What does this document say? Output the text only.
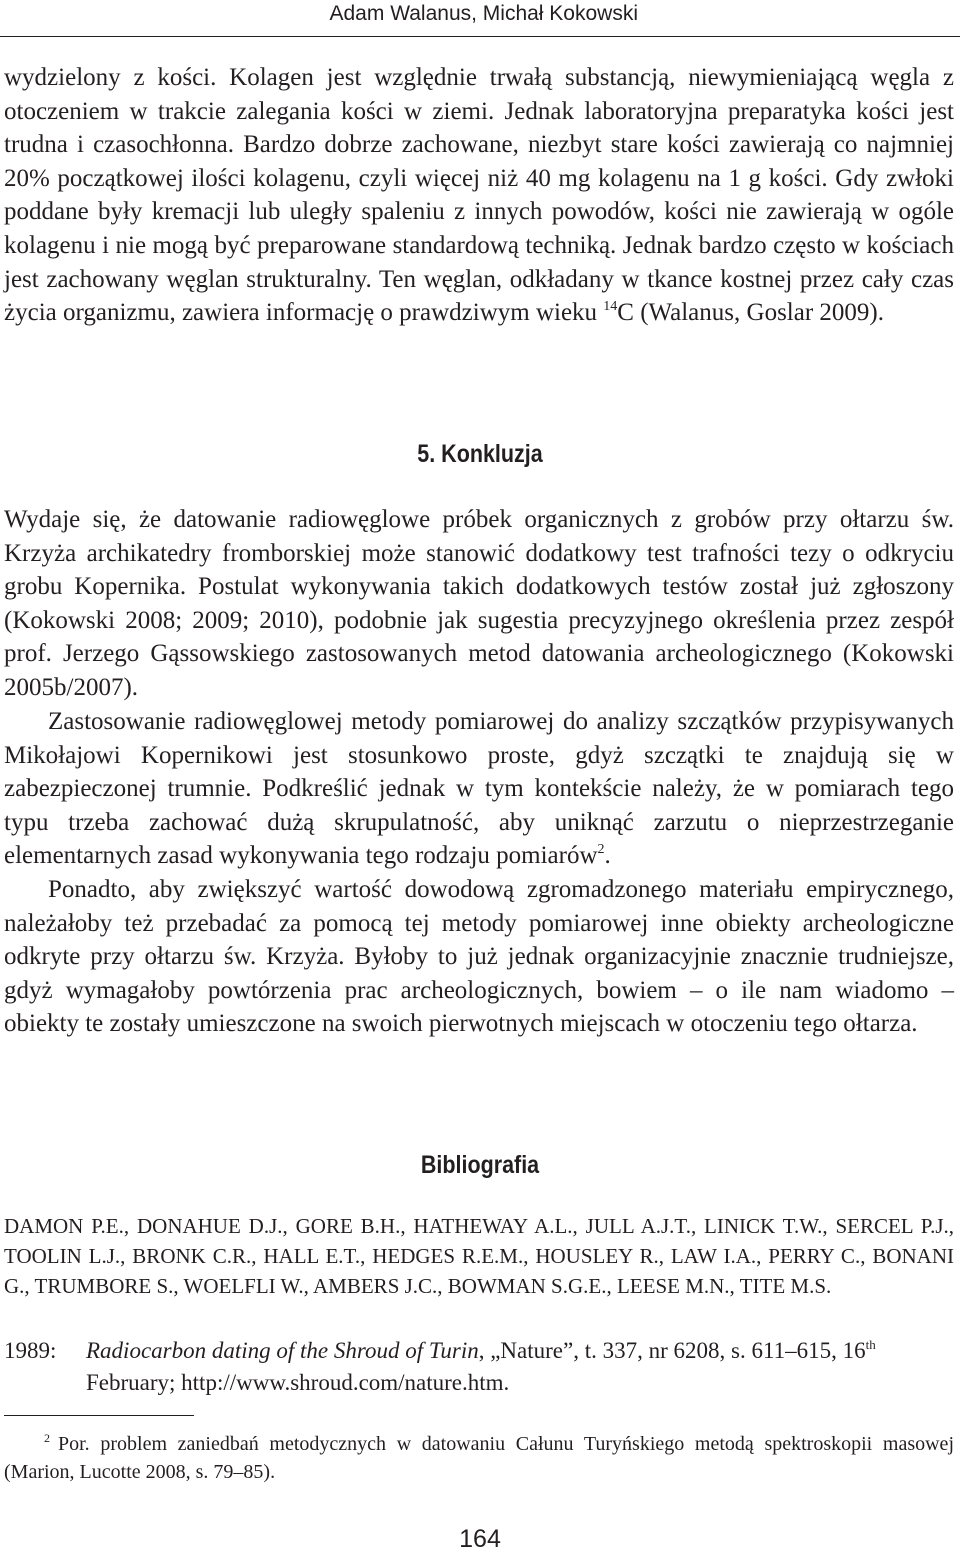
Adam Walanus, Michał Kokowski

wydzielony z kości. Kolagen jest względnie trwałą substancją, niewymieniającą węgla z otoczeniem w trakcie zalegania kości w ziemi. Jednak laboratoryjna preparatyka kości jest trudna i czasochłonna. Bardzo dobrze zachowane, niezbyt stare kości zawierają co najmniej 20% początkowej ilości kolagenu, czyli więcej niż 40 mg kolagenu na 1 g kości. Gdy zwłoki poddane były kremacji lub uległy spaleniu z innych powodów, kości nie zawierają w ogóle kolagenu i nie mogą być preparowane standardową techniką. Jednak bardzo często w kościach jest zachowany węglan strukturalny. Ten węglan, odkładany w tkance kostnej przez cały czas życia organizmu, zawiera informację o prawdziwym wieku $^{14}$C (Walanus, Goslar 2009).

5. Konkluzja

Wydaje się, że datowanie radiowęglowe próbek organicznych z grobów przy ołtarzu św. Krzyża archikatedry fromborskiej może stanowić dodatkowy test trafności tezy o odkryciu grobu Kopernika. Postulat wykonywania takich dodatkowych testów został już zgłoszony (Kokowski 2008; 2009; 2010), podobnie jak sugestia precyzyjnego określenia przez zespół prof. Jerzego Gąssowskiego zastosowanych metod datowania archeologicznego (Kokowski 2005b/2007).

Zastosowanie radiowęglowej metody pomiarowej do analizy szczątków przypisywanych Mikołajowi Kopernikowi jest stosunkowo proste, gdyż szczątki te znajdują się w zabezpieczonej trumnie. Podkreślić jednak w tym kontekście należy, że w pomiarach tego typu trzeba zachować dużą skrupulatność, aby uniknąć zarzutu o nieprzestrzeganie elementarnych zasad wykonywania tego rodzaju pomiarów$^2$.

Ponadto, aby zwiększyć wartość dowodową zgromadzonego materiału empirycznego, należałoby też przebadać za pomocą tej metody pomiarowej inne obiekty archeologiczne odkryte przy ołtarzu św. Krzyża. Byłoby to już jednak organizacyjnie znacznie trudniejsze, gdyż wymagałoby powtórzenia prac archeologicznych, bowiem – o ile nam wiadomo – obiekty te zostały umieszczone na swoich pierwotnych miejscach w otoczeniu tego ołtarza.

Bibliografia

DAMON P.E., DONAHUE D.J., GORE B.H., HATHEWAY A.L., JULL A.J.T., LINICK T.W., SERCEL P.J., TOOLIN L.J., BRONK C.R., HALL E.T., HEDGES R.E.M., HOUSLEY R., LAW I.A., PERRY C., BONANI G., TRUMBORE S., WOELFLI W., AMBERS J.C., BOWMAN S.G.E., LEESE M.N., TITE M.S.

1989: Radiocarbon dating of the Shroud of Turin, „Nature”, t. 337, nr 6208, s. 611–615, 16th February; http://www.shroud.com/nature.htm.

$^2$ Por. problem zaniedbań metodycznych w datowaniu Całunu Turyńskiego metodą spektroskopii masowej (Marion, Lucotte 2008, s. 79–85).

164
